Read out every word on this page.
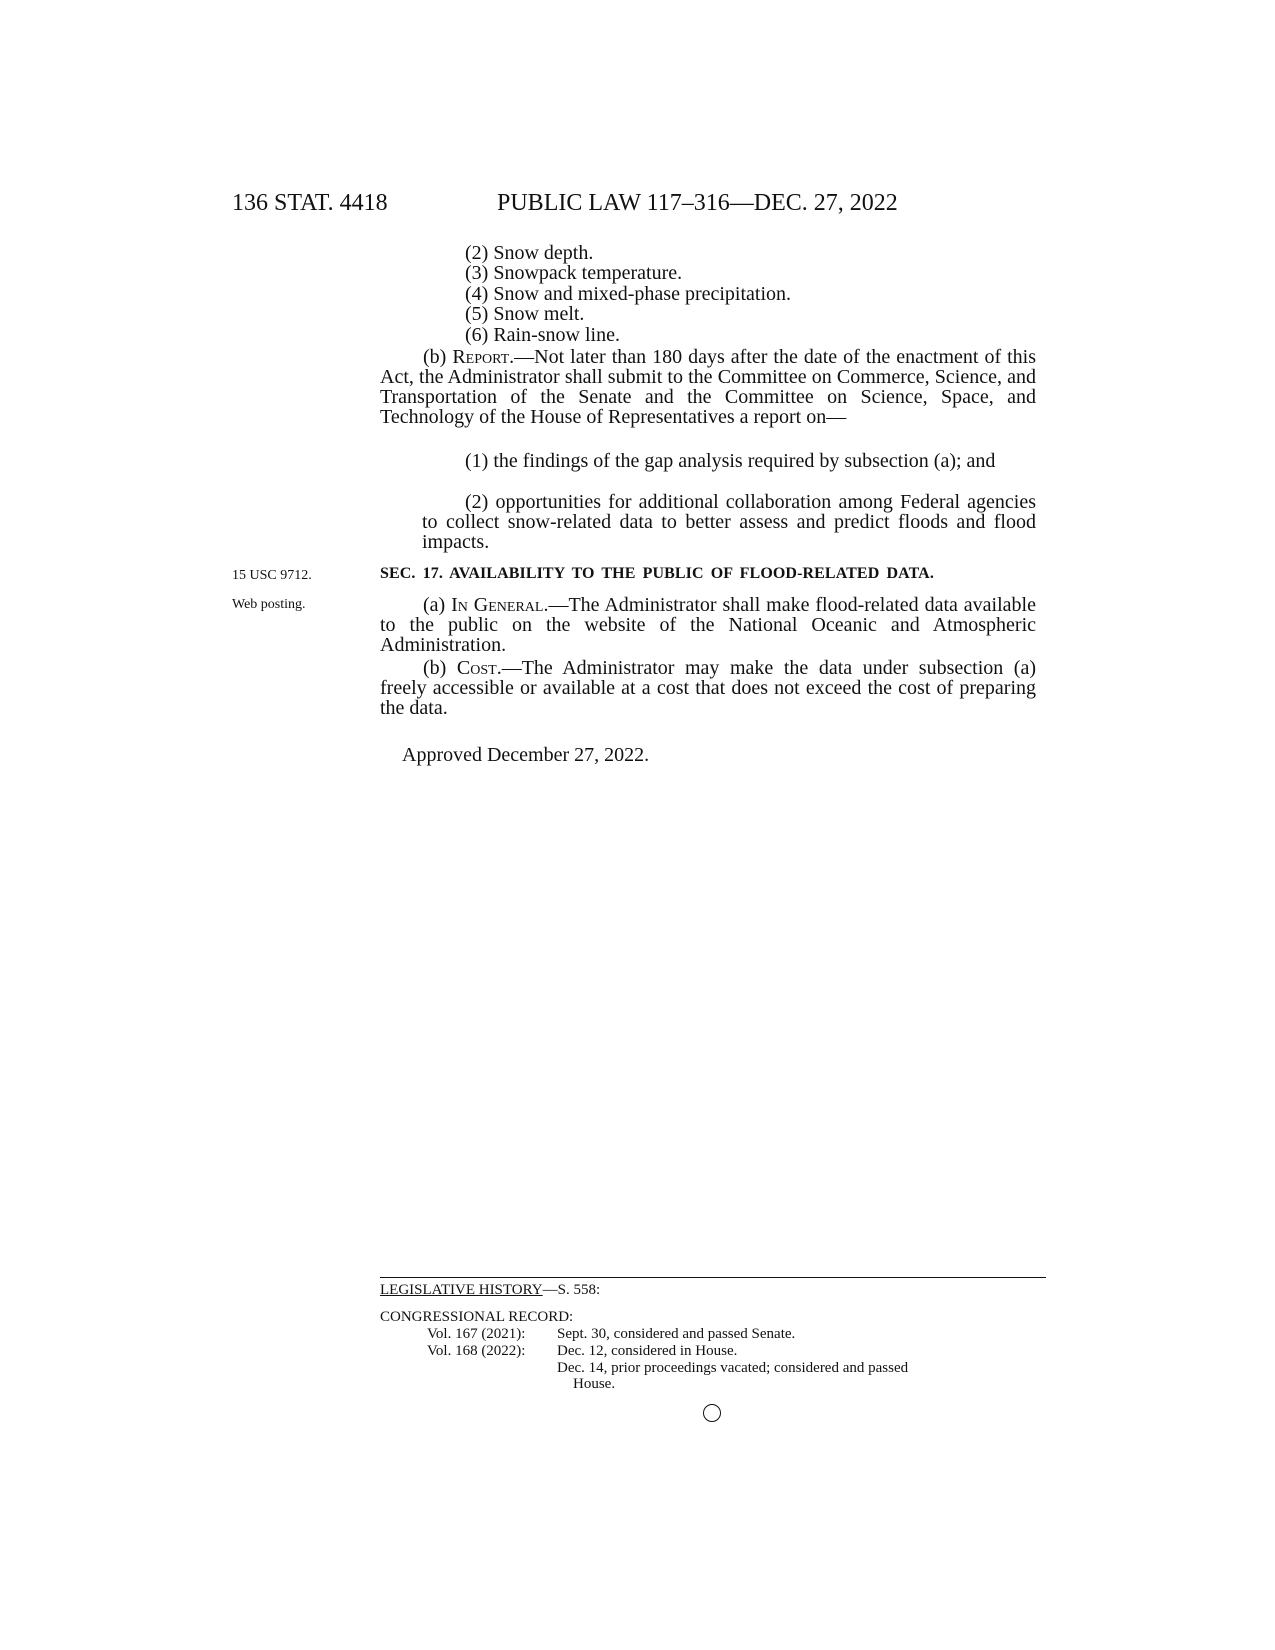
136 STAT. 4418	PUBLIC LAW 117–316—DEC. 27, 2022
(2) Snow depth.
(3) Snowpack temperature.
(4) Snow and mixed-phase precipitation.
(5) Snow melt.
(6) Rain-snow line.
(b) Report.—Not later than 180 days after the date of the enactment of this Act, the Administrator shall submit to the Committee on Commerce, Science, and Transportation of the Senate and the Committee on Science, Space, and Technology of the House of Representatives a report on—
(1) the findings of the gap analysis required by subsection (a); and
(2) opportunities for additional collaboration among Federal agencies to collect snow-related data to better assess and predict floods and flood impacts.
15 USC 9712.
Web posting.
SEC. 17. AVAILABILITY TO THE PUBLIC OF FLOOD-RELATED DATA.
(a) In General.—The Administrator shall make flood-related data available to the public on the website of the National Oceanic and Atmospheric Administration.
(b) Cost.—The Administrator may make the data under subsection (a) freely accessible or available at a cost that does not exceed the cost of preparing the data.
Approved December 27, 2022.
LEGISLATIVE HISTORY—S. 558:
CONGRESSIONAL RECORD:
Vol. 167 (2021): Sept. 30, considered and passed Senate.
Vol. 168 (2022): Dec. 12, considered in House.
Dec. 14, prior proceedings vacated; considered and passed
House.
